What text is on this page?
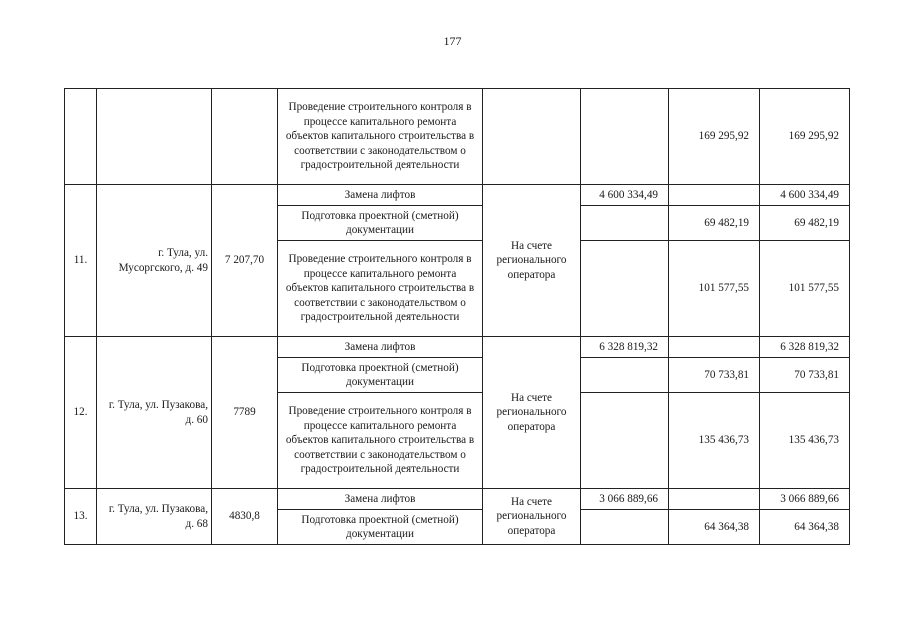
177
			Проведение строительного контроля в процессе капитального ремонта объектов капитального строительства в соответствии с законодательством о градостроительной деятельности			169 295,92	169 295,92
11.	г. Тула, ул. Мусоргского, д. 49	7 207,70	Замена лифтов	На счете регионального оператора	4 600 334,49		4 600 334,49
			Подготовка проектной (сметной) документации			69 482,19	69 482,19
			Проведение строительного контроля в процессе капитального ремонта объектов капитального строительства в соответствии с законодательством о градостроительной деятельности			101 577,55	101 577,55
12.	г. Тула, ул. Пузакова, д. 60	7789	Замена лифтов	На счете регионального оператора	6 328 819,32		6 328 819,32
			Подготовка проектной (сметной) документации			70 733,81	70 733,81
			Проведение строительного контроля в процессе капитального ремонта объектов капитального строительства в соответствии с законодательством о градостроительной деятельности			135 436,73	135 436,73
13.	г. Тула, ул. Пузакова, д. 68	4830,8	Замена лифтов	На счете регионального оператора	3 066 889,66		3 066 889,66
			Подготовка проектной (сметной) документации			64 364,38	64 364,38
